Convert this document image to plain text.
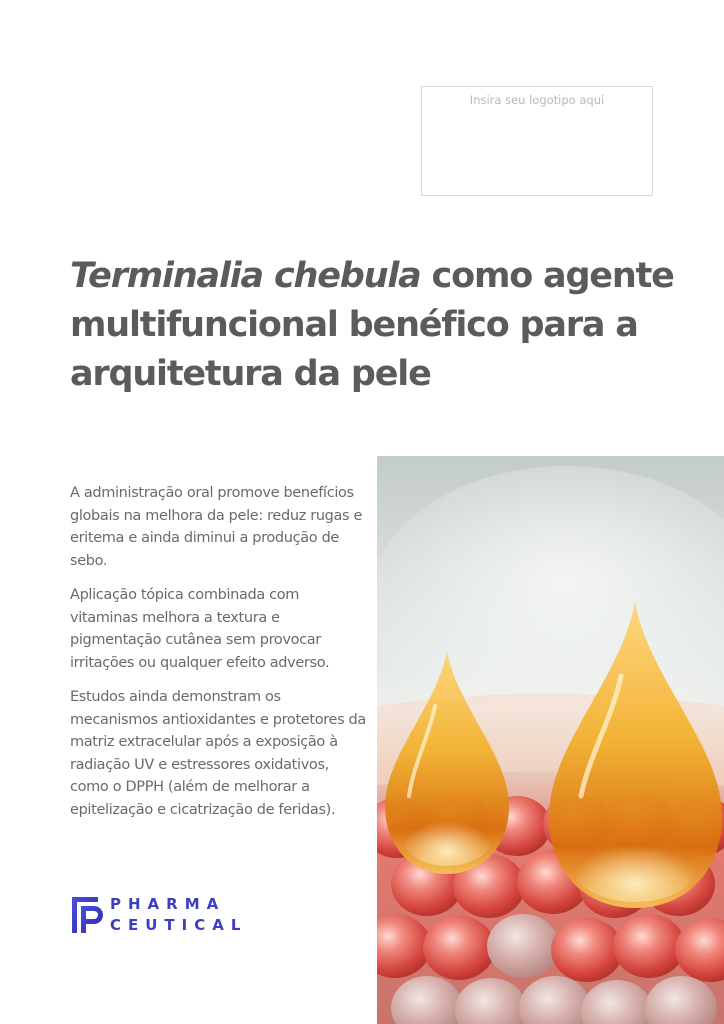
Insira seu logotipo aqui
Terminalia chebula como agente multifuncional benéfico para a arquitetura da pele

A administração oral promove benefícios globais na melhora da pele: reduz rugas e eritema e ainda diminui a produção de sebo.

Aplicação tópica combinada com vitaminas melhora a textura e pigmentação cutânea sem provocar irritações ou qualquer efeito adverso.

Estudos ainda demonstram os mecanismos antioxidantes e protetores da matriz extracelular após a exposição à radiação UV e estressores oxidativos, como o DPPH (além de melhorar a epitelização e cicatrização de feridas).

PHARMA
CEUTICAL
